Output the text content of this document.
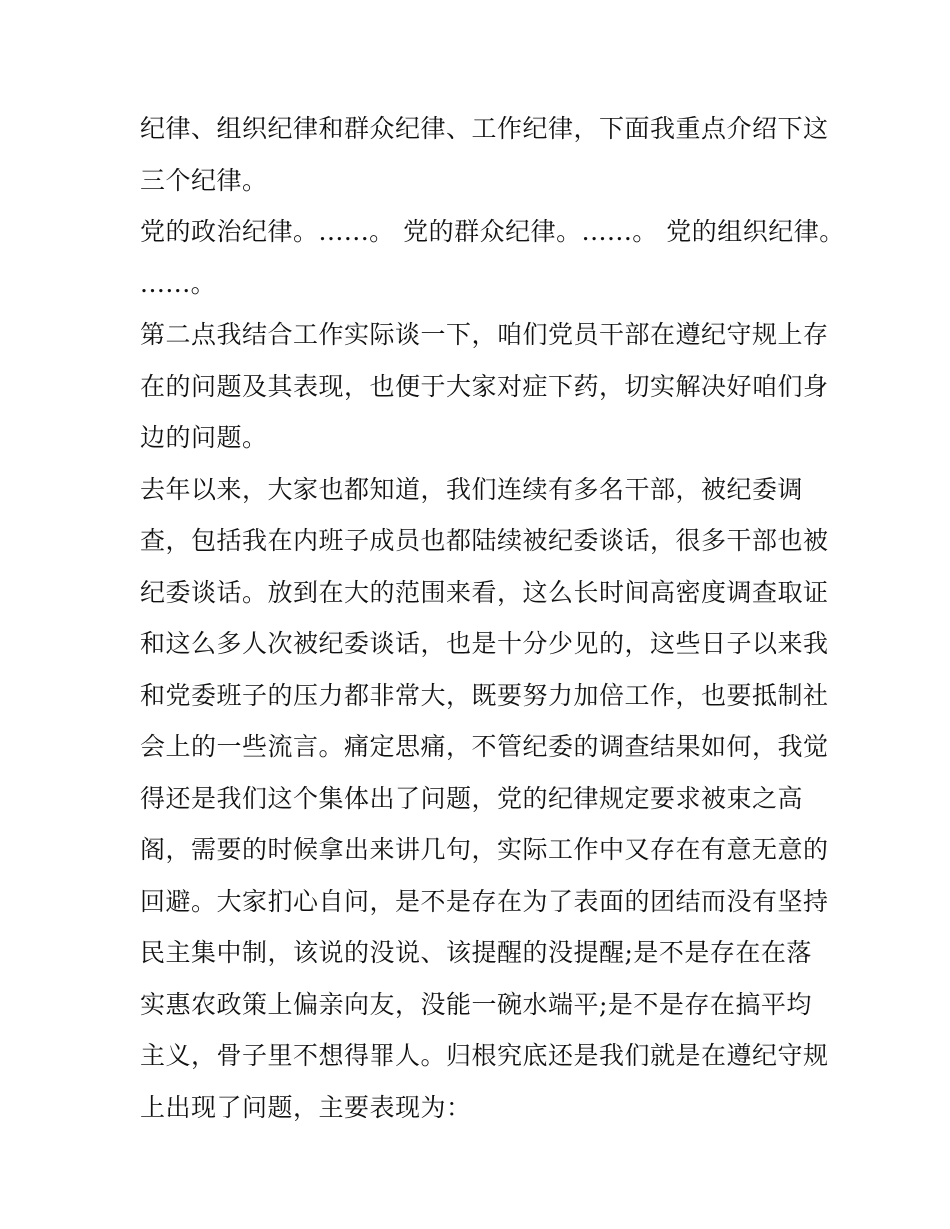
纪律、组织纪律和群众纪律、工作纪律，下面我重点介绍下这
三个纪律。
党的政治纪律。......。 党的群众纪律。......。 党的组织纪律。
......。
第二点我结合工作实际谈一下，咱们党员干部在遵纪守规上存
在的问题及其表现，也便于大家对症下药，切实解决好咱们身
边的问题。
去年以来，大家也都知道，我们连续有多名干部，被纪委调
查，包括我在内班子成员也都陆续被纪委谈话，很多干部也被
纪委谈话。放到在大的范围来看，这么长时间高密度调查取证
和这么多人次被纪委谈话，也是十分少见的，这些日子以来我
和党委班子的压力都非常大，既要努力加倍工作，也要抵制社
会上的一些流言。痛定思痛，不管纪委的调查结果如何，我觉
得还是我们这个集体出了问题，党的纪律规定要求被束之高
阁，需要的时候拿出来讲几句，实际工作中又存在有意无意的
回避。大家扪心自问，是不是存在为了表面的团结而没有坚持
民主集中制，该说的没说、该提醒的没提醒;是不是存在在落
实惠农政策上偏亲向友，没能一碗水端平;是不是存在搞平均
主义，骨子里不想得罪人。归根究底还是我们就是在遵纪守规
上出现了问题，主要表现为：
